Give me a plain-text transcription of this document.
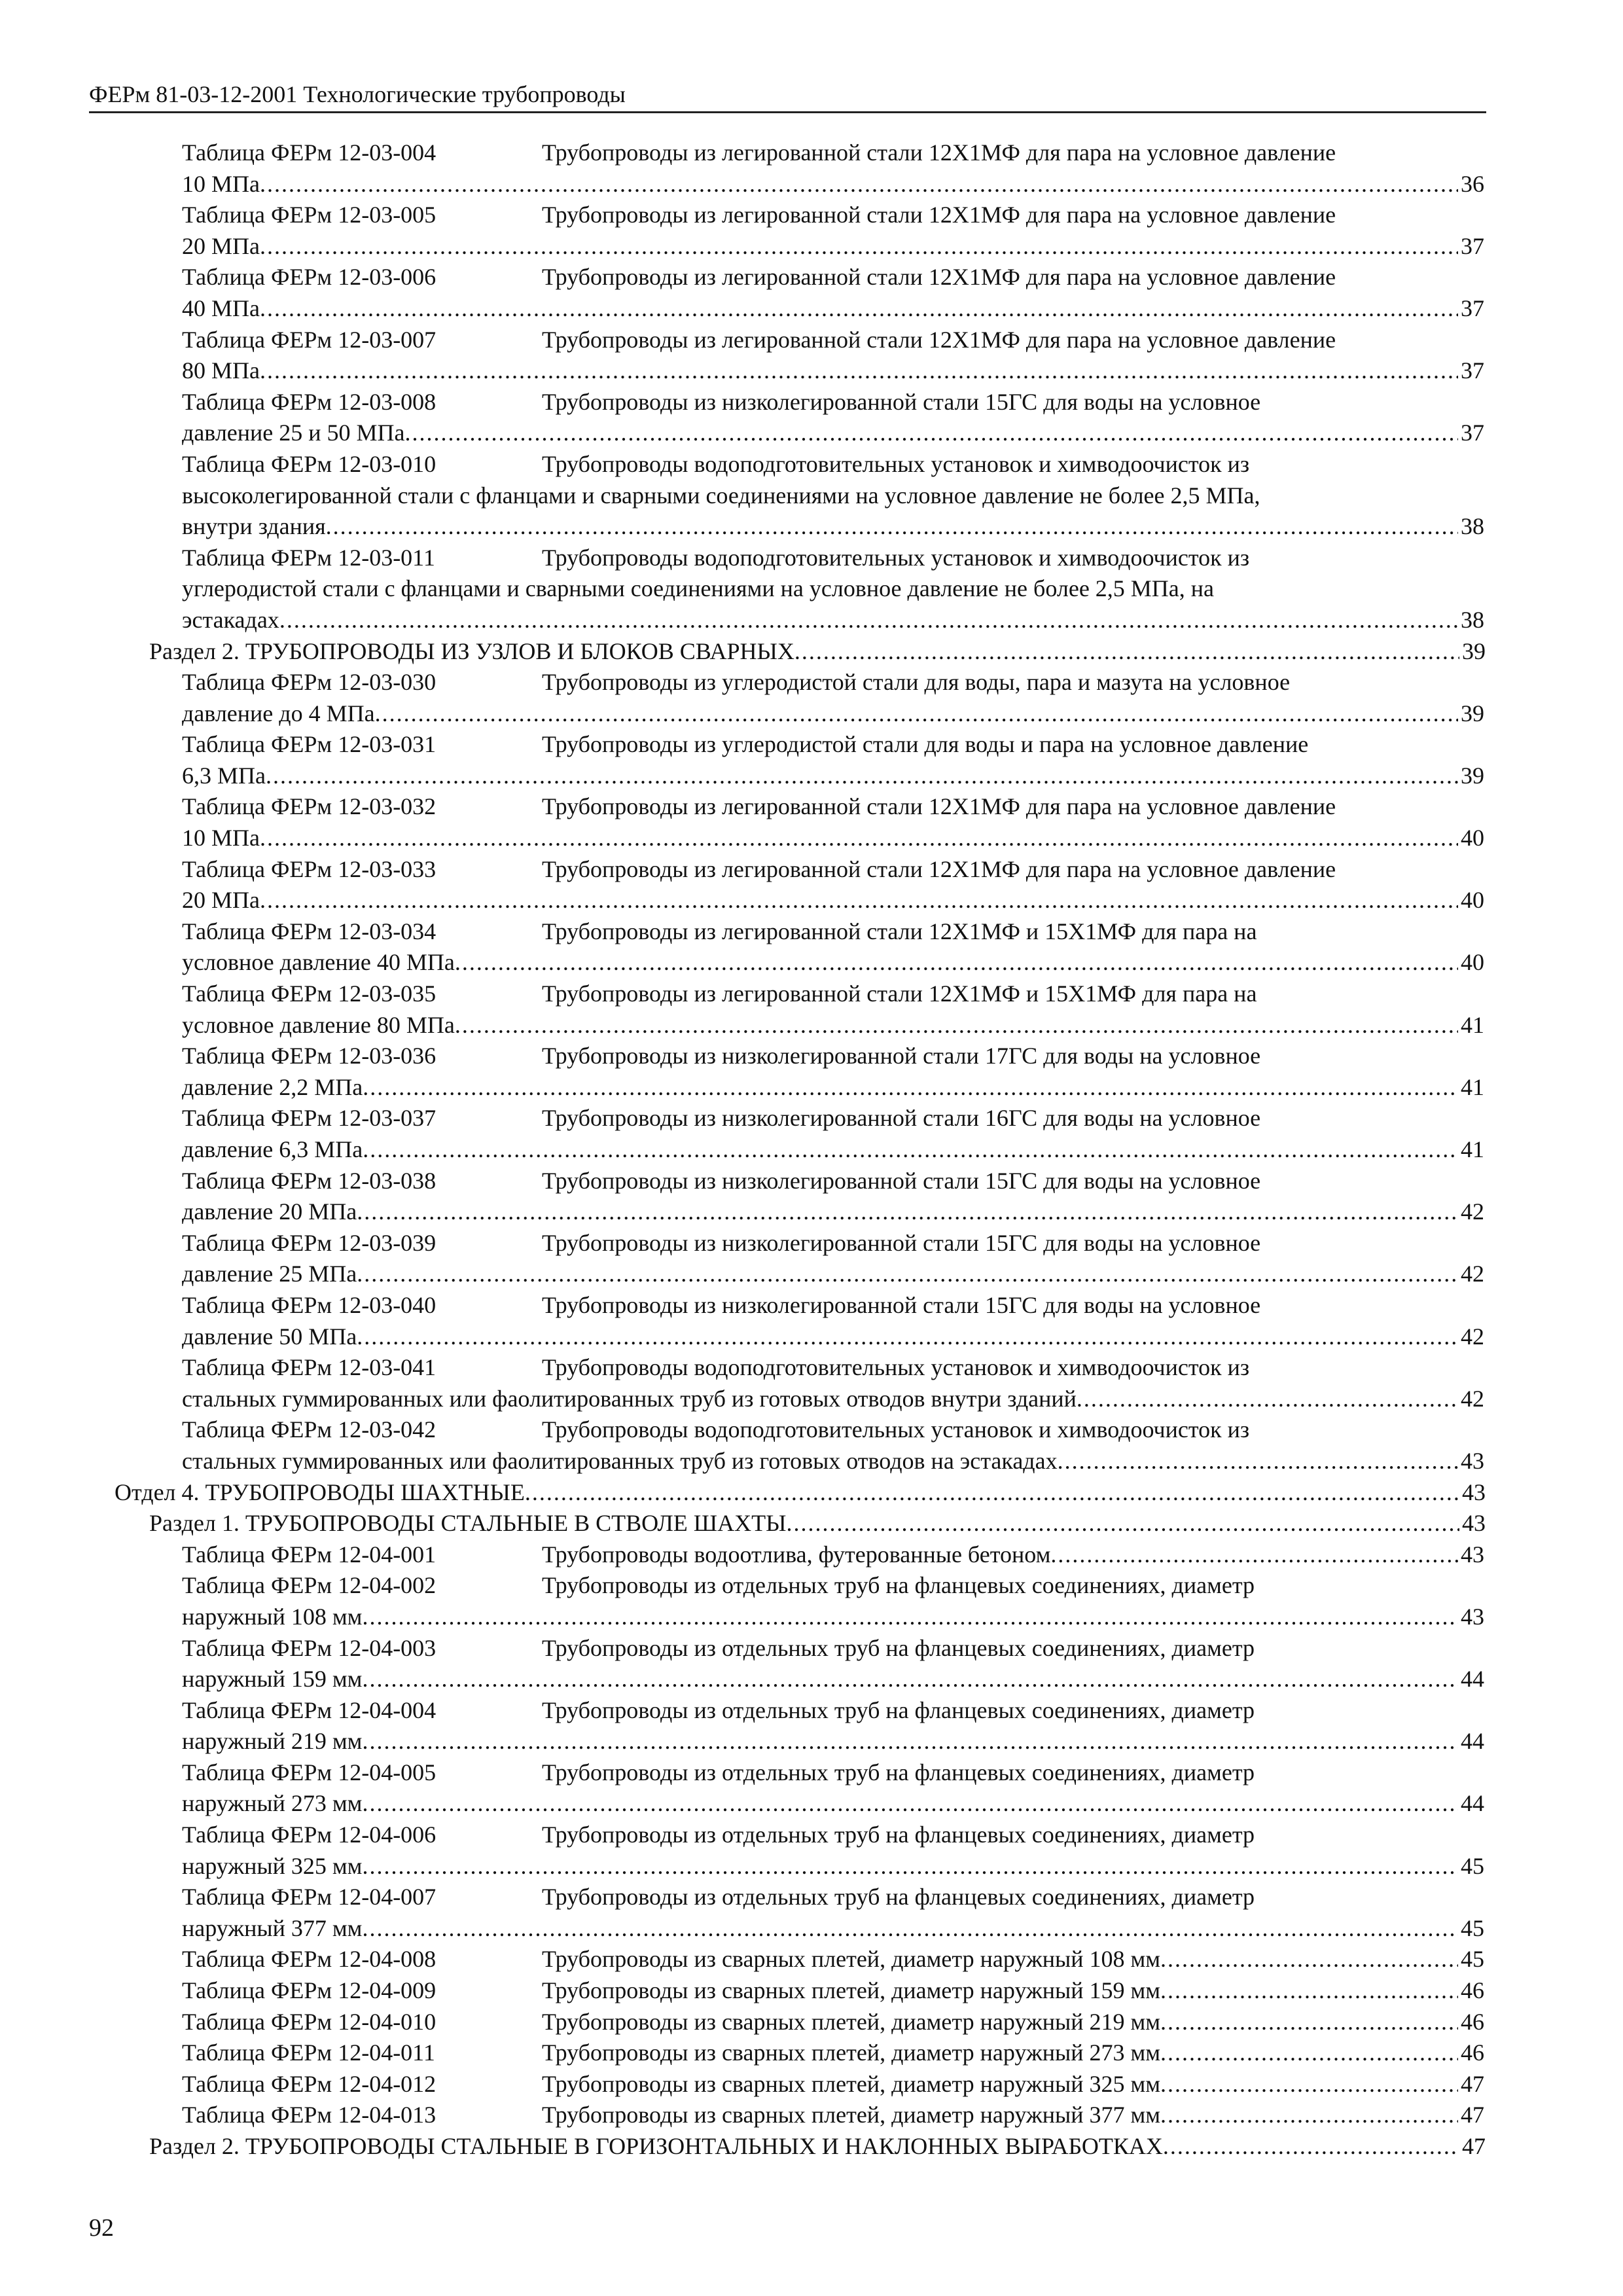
ФЕРм 81-03-12-2001 Технологические трубопроводы
Таблица ФЕРм 12-03-004	Трубопроводы из легированной стали 12Х1МФ для пара на условное давление
10 МПа .....	36
Таблица ФЕРм 12-03-005	Трубопроводы из легированной стали 12Х1МФ для пара на условное давление
20 МПа .....	37
Таблица ФЕРм 12-03-006	Трубопроводы из легированной стали 12Х1МФ для пара на условное давление
40 МПа .....	37
Таблица ФЕРм 12-03-007	Трубопроводы из легированной стали 12Х1МФ для пара на условное давление
80 МПа .....	37
Таблица ФЕРм 12-03-008	Трубопроводы из низколегированной стали 15ГС для воды на условное
давление 25 и 50 МПа .....	37
Таблица ФЕРм 12-03-010	Трубопроводы водоподготовительных установок и химводоочисток из
высоколегированной стали с фланцами и сварными соединениями на условное давление не более 2,5 МПа,
внутри здания .....	38
Таблица ФЕРм 12-03-011	Трубопроводы водоподготовительных установок и химводоочисток из
углеродистой стали с фланцами и сварными соединениями на условное давление не более 2,5 МПа, на
эстакадах .....	38
Раздел 2. ТРУБОПРОВОДЫ ИЗ УЗЛОВ И БЛОКОВ СВАРНЫХ .....	39
Таблица ФЕРм 12-03-030	Трубопроводы из углеродистой стали для воды, пара и мазута на условное
давление до 4 МПа .....	39
Таблица ФЕРм 12-03-031	Трубопроводы из углеродистой стали для воды и пара на условное давление
6,3 МПа .....	39
Таблица ФЕРм 12-03-032	Трубопроводы из легированной стали 12Х1МФ для пара на условное давление
10 МПа .....	40
Таблица ФЕРм 12-03-033	Трубопроводы из легированной стали 12Х1МФ для пара на условное давление
20 МПа .....	40
Таблица ФЕРм 12-03-034	Трубопроводы из легированной стали 12Х1МФ и 15Х1МФ для пара на
условное давление 40 МПа .....	40
Таблица ФЕРм 12-03-035	Трубопроводы из легированной стали 12Х1МФ и 15Х1МФ для пара на
условное давление 80 МПа .....	41
Таблица ФЕРм 12-03-036	Трубопроводы из низколегированной стали 17ГС для воды на условное
давление 2,2 МПа .....	41
Таблица ФЕРм 12-03-037	Трубопроводы из низколегированной стали 16ГС для воды на условное
давление 6,3 МПа .....	41
Таблица ФЕРм 12-03-038	Трубопроводы из низколегированной стали 15ГС для воды на условное
давление 20 МПа .....	42
Таблица ФЕРм 12-03-039	Трубопроводы из низколегированной стали 15ГС для воды на условное
давление 25 МПа .....	42
Таблица ФЕРм 12-03-040	Трубопроводы из низколегированной стали 15ГС для воды на условное
давление 50 МПа .....	42
Таблица ФЕРм 12-03-041	Трубопроводы водоподготовительных установок и химводоочисток из
стальных гуммированных или фаолитированных труб из готовых отводов внутри зданий .....	42
Таблица ФЕРм 12-03-042	Трубопроводы водоподготовительных установок и химводоочисток из
стальных гуммированных или фаолитированных труб из готовых отводов на эстакадах .....	43
Отдел 4. ТРУБОПРОВОДЫ ШАХТНЫЕ .....	43
Раздел 1. ТРУБОПРОВОДЫ СТАЛЬНЫЕ В СТВОЛЕ ШАХТЫ .....	43
Таблица ФЕРм 12-04-001	Трубопроводы водоотлива, футерованные бетоном .....	43
Таблица ФЕРм 12-04-002	Трубопроводы из отдельных труб на фланцевых соединениях, диаметр
наружный 108 мм .....	43
Таблица ФЕРм 12-04-003	Трубопроводы из отдельных труб на фланцевых соединениях, диаметр
наружный 159 мм .....	44
Таблица ФЕРм 12-04-004	Трубопроводы из отдельных труб на фланцевых соединениях, диаметр
наружный 219 мм .....	44
Таблица ФЕРм 12-04-005	Трубопроводы из отдельных труб на фланцевых соединениях, диаметр
наружный 273 мм .....	44
Таблица ФЕРм 12-04-006	Трубопроводы из отдельных труб на фланцевых соединениях, диаметр
наружный 325 мм .....	45
Таблица ФЕРм 12-04-007	Трубопроводы из отдельных труб на фланцевых соединениях, диаметр
наружный 377 мм .....	45
Таблица ФЕРм 12-04-008	Трубопроводы из сварных плетей, диаметр наружный 108 мм .....	45
Таблица ФЕРм 12-04-009	Трубопроводы из сварных плетей, диаметр наружный 159 мм .....	46
Таблица ФЕРм 12-04-010	Трубопроводы из сварных плетей, диаметр наружный 219 мм .....	46
Таблица ФЕРм 12-04-011	Трубопроводы из сварных плетей, диаметр наружный 273 мм .....	46
Таблица ФЕРм 12-04-012	Трубопроводы из сварных плетей, диаметр наружный 325 мм .....	47
Таблица ФЕРм 12-04-013	Трубопроводы из сварных плетей, диаметр наружный 377 мм .....	47
Раздел 2. ТРУБОПРОВОДЫ СТАЛЬНЫЕ В ГОРИЗОНТАЛЬНЫХ И НАКЛОННЫХ ВЫРАБОТКАХ .....	47
92
